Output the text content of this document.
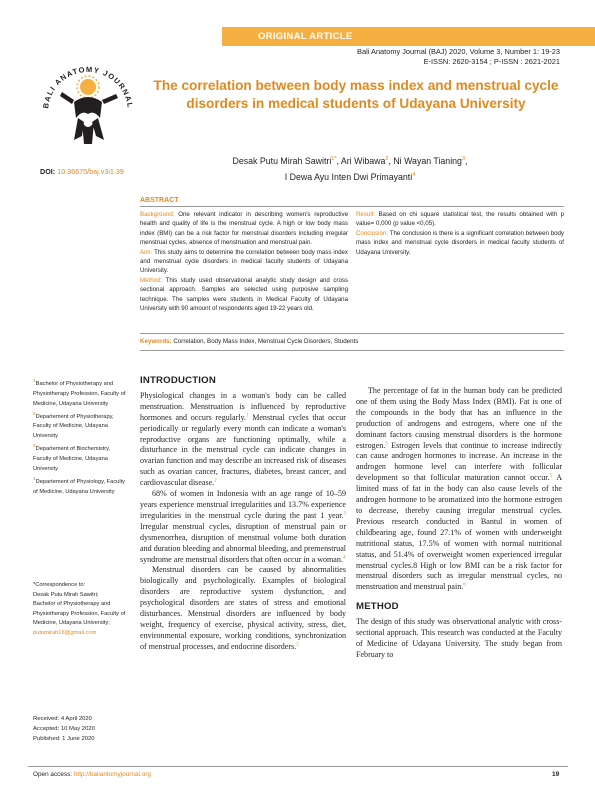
ORIGINAL ARTICLE
Bali Anatomy Journal (BAJ) 2020, Volume 3, Number 1: 19-23
E-ISSN: 2620-3154 ; P-ISSN : 2621-2021
BALI ANATOMY JOURNAL
The correlation between body mass index and menstrual cycle disorders in medical students of Udayana University
DOI: 10.36675/baj.v3i1.39
Desak Putu Mirah Sawitri$^{1*}$, Ari Wibawa$^2$, Ni Wayan Tianing$^3$,
I Dewa Ayu Inten Dwi Primayanti$^4$
ABSTRACT
Background: One relevant indicator in describing women's reproductive health and quality of life is the menstrual cycle. A high or low body mass index (BMI) can be a risk factor for menstrual disorders including irregular menstrual cycles, absence of menstruation and menstrual pain.
Aim: This study aims to determine the correlation between body mass index and menstrual cycle disorders in medical faculty students of Udayana University.
Method: This study used observational analytic study design and cross sectional approach. Samples are selected using purposive sampling technique. The samples were students in Medical Faculty of Udayana University with 90 amount of respondents aged 19-22 years old.
Result: Based on chi square statistical test, the results obtained with p value= 0,000 (p value <0,05).
Conclusion: The conclusion is there is a significant correlation between body mass index and menstrual cycle disorders in medical faculty students of Udayana University.
Keywords: Correlation, Body Mass Index, Menstrual Cycle Disorders, Students
$^1$Bachelor of Physiotherapy and Physiotherapy Profession, Faculty of Medicine, Udayana University
$^2$Departement of Physiotherapy, Faculty of Medicine, Udayana University
$^3$Departement of Biochemistry, Faculty of Medicine, Udayana University
$^4$Departement of Physiology, Faculty of Medicine, Udayana University
*Correspondence to:
Desak Putu Mirah Sawitri;
Bachelor of Physiotherapy and Physiotherapy Profession, Faculty of Medicine, Udayana University;
putumirah16@gmail.com
Received: 4 April 2020
Accepted: 10 May 2020
Published: 1 June 2020
INTRODUCTION

Physiological changes in a woman's body can be called menstruation. Menstruation is influenced by reproductive hormones and occurs regularly.$^1$ Menstrual cycles that occur periodically or regularly every month can indicate a woman's reproductive organs are functioning optimally, while a disturbance in the menstrual cycle can indicate changes in ovarian function and may describe an increased risk of diseases such as ovarian cancer, fractures, diabetes, breast cancer, and cardiovascular disease.$^2$

68% of women in Indonesia with an age range of 10–59 years experience menstrual irregularities and 13.7% experience irregularities in the menstrual cycle during the past 1 year.$^3$ Irregular menstrual cycles, disruption of menstrual pain or dysmenorrhea, disruption of menstrual volume both duration and duration bleeding and abnormal bleeding, and premenstrual syndrome are menstrual disorders that often occur in a woman.$^4$

Menstrual disorders can be caused by abnormalities biologically and psychologically. Examples of biological disorders are reproductive system dysfunction, and psychological disorders are states of stress and emotional disturbances. Menstrual disorders are influenced by body weight, frequency of exercise, physical activity, stress, diet, environmental exposure, working conditions, synchronization of menstrual processes, and endocrine disorders.$^2$

The percentage of fat in the human body can be predicted one of them using the Body Mass Index (BMI). Fat is one of the compounds in the body that has an influence in the production of androgens and estrogens, where one of the dominant factors causing menstrual disorders is the hormone estrogen.$^5$ Estrogen levels that continue to increase indirectly can cause androgen hormones to increase. An increase in the androgen hormone level can interfere with follicular development so that follicular maturation cannot occur.$^5$ A limited mass of fat in the body can also cause levels of the androgen hormone to be aromatized into the hormone estrogen to decrease, thereby causing irregular menstrual cycles. Previous research conducted in Bantul in women of childbearing age, found 27.1% of women with underweight nutritional status, 17.5% of women with normal nutritional status, and 51.4% of overweight women experienced irregular menstrual cycles.8 High or low BMI can be a risk factor for menstrual disorders such as irregular menstrual cycles, no menstruation and menstrual pain.$^6$

METHOD

The design of this study was observational analytic with cross-sectional approach. This research was conducted at the Faculty of Medicine of Udayana University. The study began from February to

Open access: http://baliantomyjournal.org	19
